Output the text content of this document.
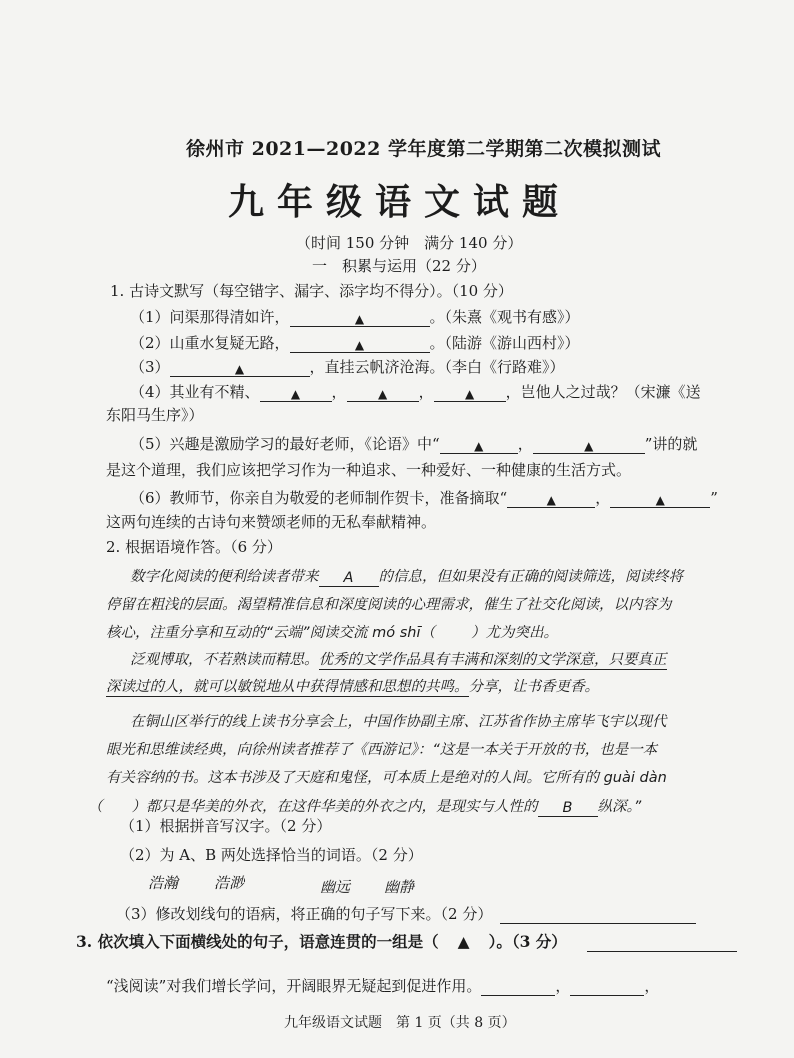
徐州市 2021—2022 学年度第二学期第二次模拟测试
九年级语文试题
（时间 150 分钟　满分 140 分）
一　积累与运用（22 分）
1. 古诗文默写（每空错字、漏字、添字均不得分）。（10 分）
（1）问渠那得清如许，	▲	。（朱熹《观书有感》）
（2）山重水复疑无路，	▲	。（陆游《游山西村》）
（3）	▲	，直挂云帆济沧海。（李白《行路难》）
（4）其业有不精、	▲ ，	▲ ，	▲ ，岂他人之过哉？（宋濂《送
东阳马生序》）
（5）兴趣是激励学习的最好老师，《论语》中“	▲ ，	▲	”讲的就
是这个道理，我们应该把学习作为一种追求、一种爱好、一种健康的生活方式。
（6）教师节，你亲自为敬爱的老师制作贺卡，准备摘取“	▲	，	▲	”
这两句连续的古诗句来赞颂老师的无私奉献精神。
2. 根据语境作答。（6 分）
数字化阅读的便利给读者带来 A 的信息，但如果没有正确的阅读筛选，阅读终将
停留在粗浅的层面。渴望精准信息和深度阅读的心理需求，催生了社交化阅读，以内容为
核心，注重分享和互动的“云端”阅读交流 mó shī（ ）尤为突出。
泛观博取，不若熟读而精思。优秀的文学作品具有丰满和深刻的文学深意，只要真正
深读过的人，就可以敏锐地从中获得情感和思想的共鸣。分享，让书香更香。
在铜山区举行的线上读书分享会上，中国作协副主席、江苏省作协主席毕飞宇以现代
眼光和思维读经典，向徐州读者推荐了《西游记》：“这是一本关于开放的书，也是一本
有关容纳的书。这本书涉及了天庭和鬼怪，可本质上是绝对的人间。它所有的 guài dàn
（　　）都只是华美的外衣，在这件华美的外衣之内，是现实与人性的 B 纵深。”
（1）根据拼音写汉字。（2 分）
（2）为 A、B 两处选择恰当的词语。（2 分）
浩瀚 浩渺	幽远 幽静
（3）修改划线句的语病，将正确的句子写下来。（2 分）
3. 依次填入下面横线处的句子，语意连贯的一组是（ ▲ ）。（3 分）
“浅阅读”对我们增长学问，开阔眼界无疑起到促进作用。	，	，
九年级语文试题　第 1 页（共 8 页）
